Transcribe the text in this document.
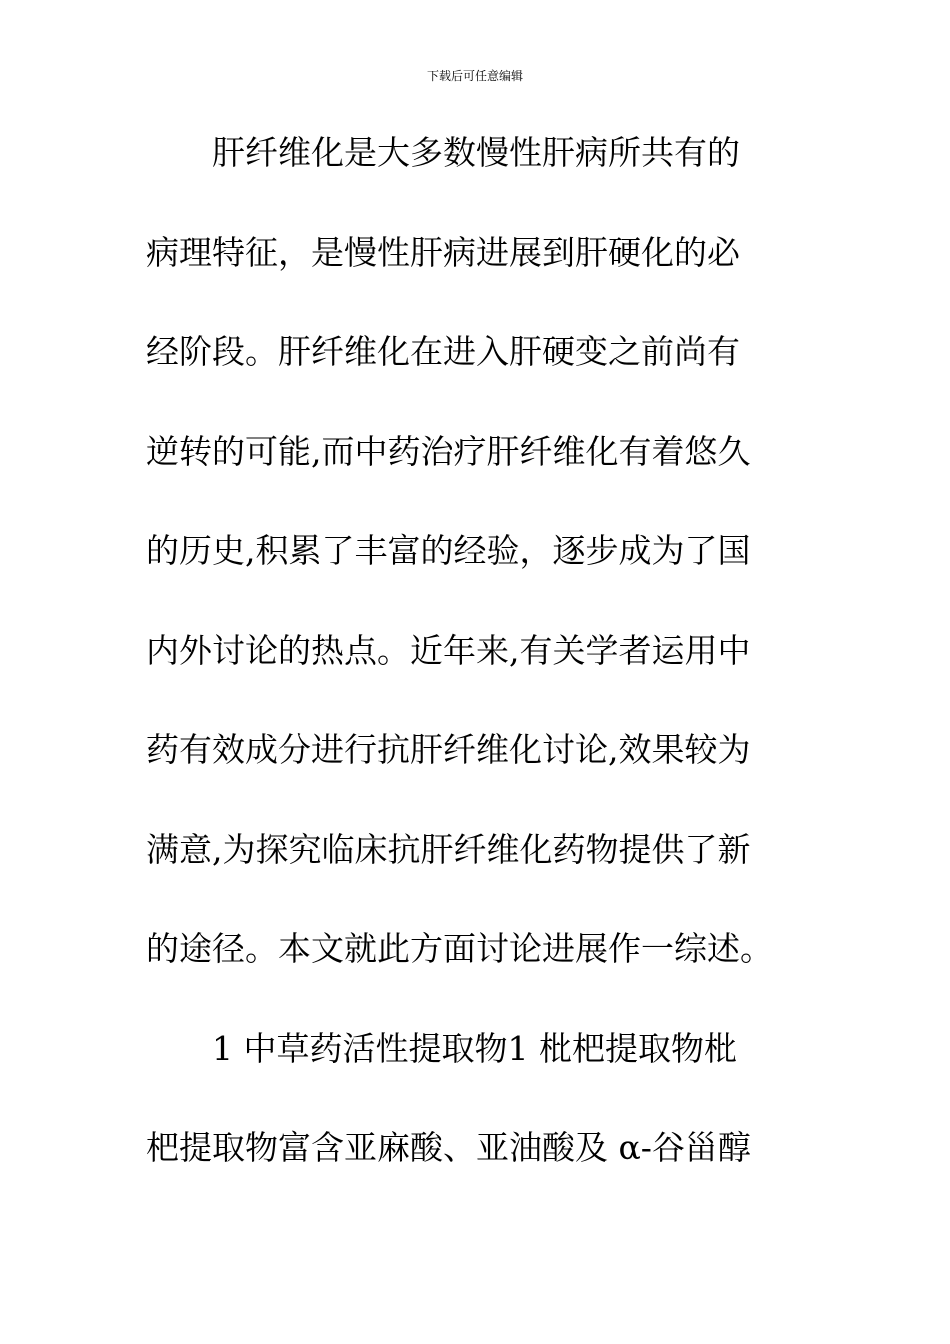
下载后可任意编辑
肝纤维化是大多数慢性肝病所共有的
病理特征，是慢性肝病进展到肝硬化的必
经阶段。肝纤维化在进入肝硬变之前尚有
逆转的可能,而中药治疗肝纤维化有着悠久
的历史,积累了丰富的经验，逐步成为了国
内外讨论的热点。近年来,有关学者运用中
药有效成分进行抗肝纤维化讨论,效果较为
满意,为探究临床抗肝纤维化药物提供了新
的途径。本文就此方面讨论进展作一综述。
1 中草药活性提取物1 枇杷提取物枇
杷提取物富含亚麻酸、亚油酸及 α-谷甾醇
